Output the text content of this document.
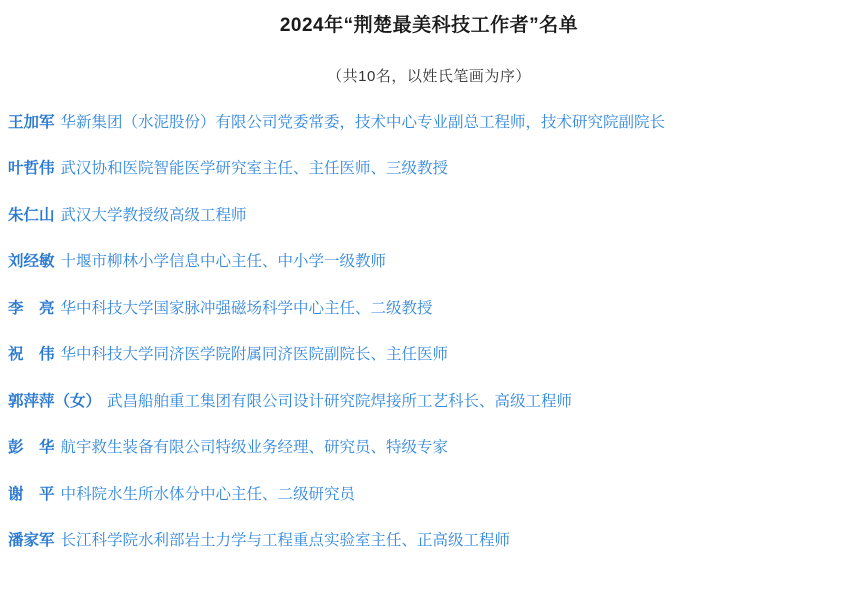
2024年“荆楚最美科技工作者”名单
（共10名，以姓氏笔画为序）

王加军 华新集团（水泥股份）有限公司党委常委，技术中心专业副总工程师，技术研究院副院长

叶哲伟 武汉协和医院智能医学研究室主任、主任医师、三级教授

朱仁山 武汉大学教授级高级工程师

刘经敏 十堰市柳林小学信息中心主任、中小学一级教师

李　亮 华中科技大学国家脉冲强磁场科学中心主任、二级教授

祝　伟 华中科技大学同济医学院附属同济医院副院长、主任医师

郭萍萍（女） 武昌船舶重工集团有限公司设计研究院焊接所工艺科长、高级工程师

彭　华 航宇救生装备有限公司特级业务经理、研究员、特级专家

谢　平 中科院水生所水体分中心主任、二级研究员

潘家军 长江科学院水利部岩土力学与工程重点实验室主任、正高级工程师
